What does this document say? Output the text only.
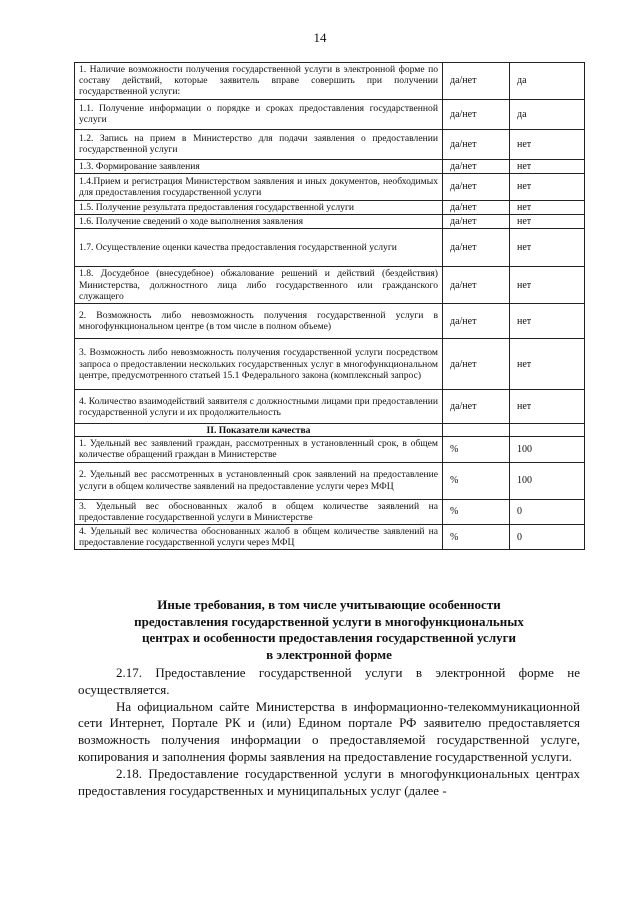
14
1. Наличие возможности получения государственной услуги в электронной форме по составу действий, которые заявитель вправе совершить при получении государственной услуги:	да/нет	да
1.1. Получение информации о порядке и сроках предоставления государственной услуги	да/нет	да
1.2. Запись на прием в Министерство для подачи заявления о предоставлении государственной услуги	да/нет	нет
1.3. Формирование заявления	да/нет	нет
1.4.Прием и регистрация Министерством заявления и иных документов, необходимых для предоставления государственной услуги	да/нет	нет
1.5. Получение результата предоставления государственной услуги	да/нет	нет
1.6. Получение сведений о ходе выполнения заявления	да/нет	нет
1.7. Осуществление оценки качества предоставления государственной услуги	да/нет	нет
1.8. Досудебное (внесудебное) обжалование решений и действий (бездействия) Министерства, должностного лица либо государственного или гражданского служащего	да/нет	нет
2. Возможность либо невозможность получения государственной услуги в многофункциональном центре (в том числе в полном объеме)	да/нет	нет
3. Возможность либо невозможность получения государственной услуги посредством запроса о предоставлении нескольких государственных услуг в многофункциональном центре, предусмотренного статьей 15.1 Федерального закона (комплексный запрос)	да/нет	нет
4. Количество взаимодействий заявителя с должностными лицами при предоставлении государственной услуги и их продолжительность	да/нет	нет
II. Показатели качества		
1. Удельный вес заявлений граждан, рассмотренных в установленный срок, в общем количестве обращений граждан в Министерстве	%	100
2. Удельный вес рассмотренных в установленный срок заявлений на предоставление услуги в общем количестве заявлений на предоставление услуги через МФЦ	%	100
3. Удельный вес обоснованных жалоб в общем количестве заявлений на предоставление государственной услуги в Министерстве	%	0
4. Удельный вес количества обоснованных жалоб в общем количестве заявлений на предоставление государственной услуги через МФЦ	%	0
Иные требования, в том числе учитывающие особенности
предоставления государственной услуги в многофункциональных
центрах и особенности предоставления государственной услуги
в электронной форме

2.17. Предоставление государственной услуги в электронной форме не осуществляется.

На официальном сайте Министерства в информационно-телекоммуникационной сети Интернет, Портале РК и (или) Едином портале РФ заявителю предоставляется возможность получения информации о предоставляемой государственной услуге, копирования и заполнения формы заявления на предоставление государственной услуги.

2.18. Предоставление государственной услуги в многофункциональных центрах предоставления государственных и муниципальных услуг (далее -
